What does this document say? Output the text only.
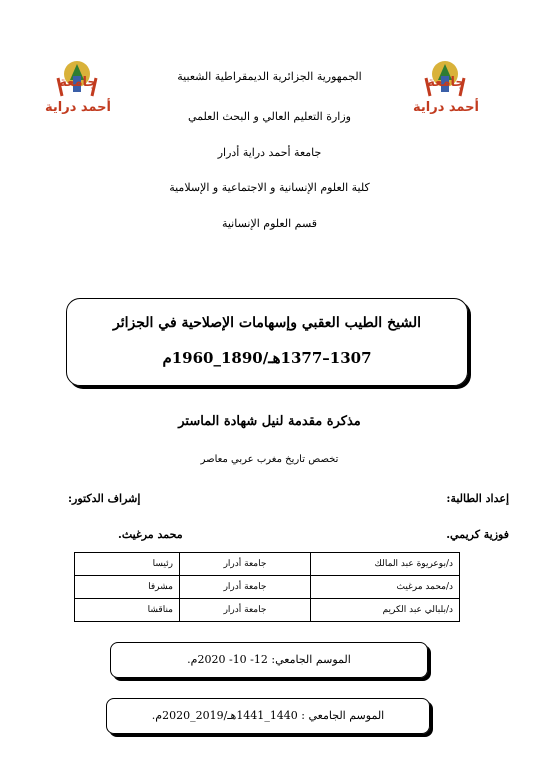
جامعة
أحمد دراية
جامعة
أحمد دراية
الجمهورية الجزائرية الديمقراطية الشعبية
وزارة التعليم العالي و البحث العلمي
جامعة أحمد دراية أدرار
كلية العلوم الإنسانية و الاجتماعية و الإسلامية
قسم العلوم الإنسانية
الشيخ الطيب العقبي وإسهامات الإصلاحية في الجزائر
1307–1377هـ/1890_1960م
مذكرة مقدمة لنيل شهادة الماستر
تخصص تاريخ مغرب عربي معاصر
إعداد الطالبة:
إشراف الدكتور:
فوزية كريمي.
محمد مرغيث.
د/بوعريوة عبد المالك	جامعة أدرار	رئيسا
د/محمد مرغيث	جامعة أدرار	مشرفا
د/بلبالي عبد الكريم	جامعة أدرار	مناقشا
الموسم الجامعي: 12- 10- 2020م.
الموسم الجامعي : 1440_1441هـ/2019_2020م.
